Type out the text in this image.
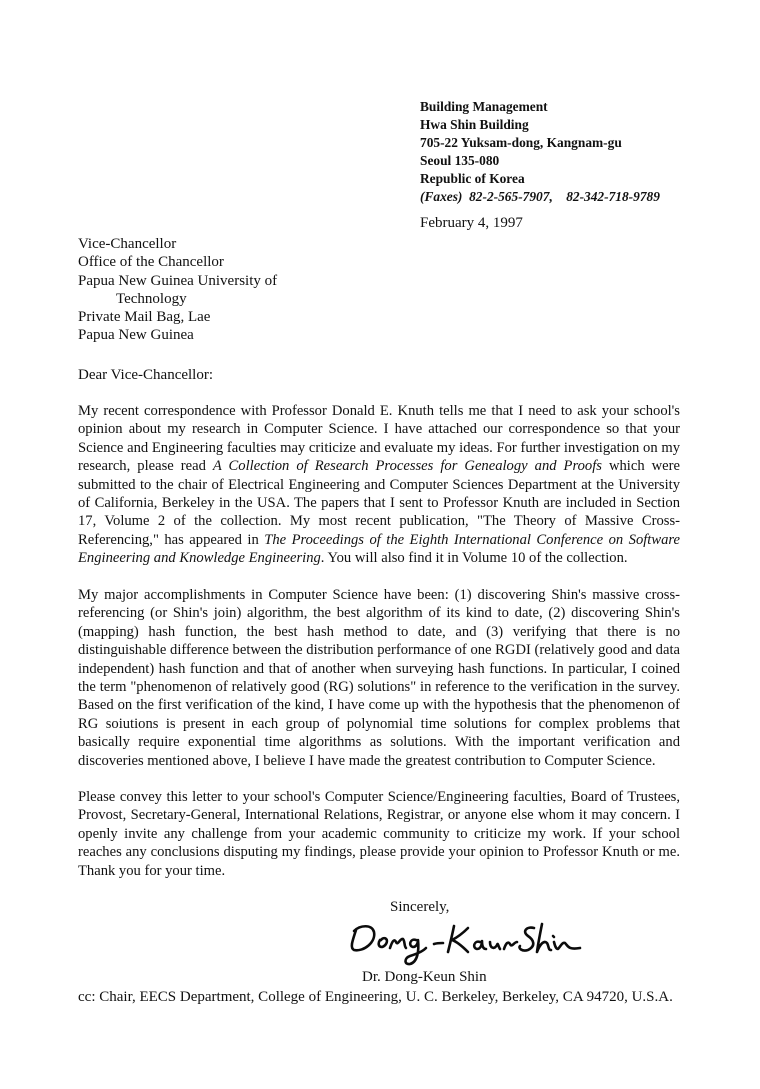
Building Management
Hwa Shin Building
705-22 Yuksam-dong, Kangnam-gu
Seoul 135-080
Republic of Korea
(Faxes) 82-2-565-7907, 82-342-718-9789
February 4, 1997
Vice-Chancellor
Office of the Chancellor
Papua New Guinea University of
Technology
Private Mail Bag, Lae
Papua New Guinea
Dear Vice-Chancellor:
My recent correspondence with Professor Donald E. Knuth tells me that I need to ask your school's opinion about my research in Computer Science. I have attached our correspondence so that your Science and Engineering faculties may criticize and evaluate my ideas. For further investigation on my research, please read A Collection of Research Processes for Genealogy and Proofs which were submitted to the chair of Electrical Engineering and Computer Sciences Department at the University of California, Berkeley in the USA. The papers that I sent to Professor Knuth are included in Section 17, Volume 2 of the collection. My most recent publication, "The Theory of Massive Cross-Referencing," has appeared in The Proceedings of the Eighth International Conference on Software Engineering and Knowledge Engineering. You will also find it in Volume 10 of the collection.
My major accomplishments in Computer Science have been: (1) discovering Shin's massive cross-referencing (or Shin's join) algorithm, the best algorithm of its kind to date, (2) discovering Shin's (mapping) hash function, the best hash method to date, and (3) verifying that there is no distinguishable difference between the distribution performance of one RGDI (relatively good and data independent) hash function and that of another when surveying hash functions. In particular, I coined the term "phenomenon of relatively good (RG) solutions" in reference to the verification in the survey. Based on the first verification of the kind, I have come up with the hypothesis that the phenomenon of RG soiutions is present in each group of polynomial time solutions for complex problems that basically require exponential time algorithms as solutions. With the important verification and discoveries mentioned above, I believe I have made the greatest contribution to Computer Science.
Please convey this letter to your school's Computer Science/Engineering faculties, Board of Trustees, Provost, Secretary-General, International Relations, Registrar, or anyone else whom it may concern. I openly invite any challenge from your academic community to criticize my work. If your school reaches any conclusions disputing my findings, please provide your opinion to Professor Knuth or me. Thank you for your time.
Sincerely,
Dr. Dong-Keun Shin
cc: Chair, EECS Department, College of Engineering, U. C. Berkeley, Berkeley, CA 94720, U.S.A.
